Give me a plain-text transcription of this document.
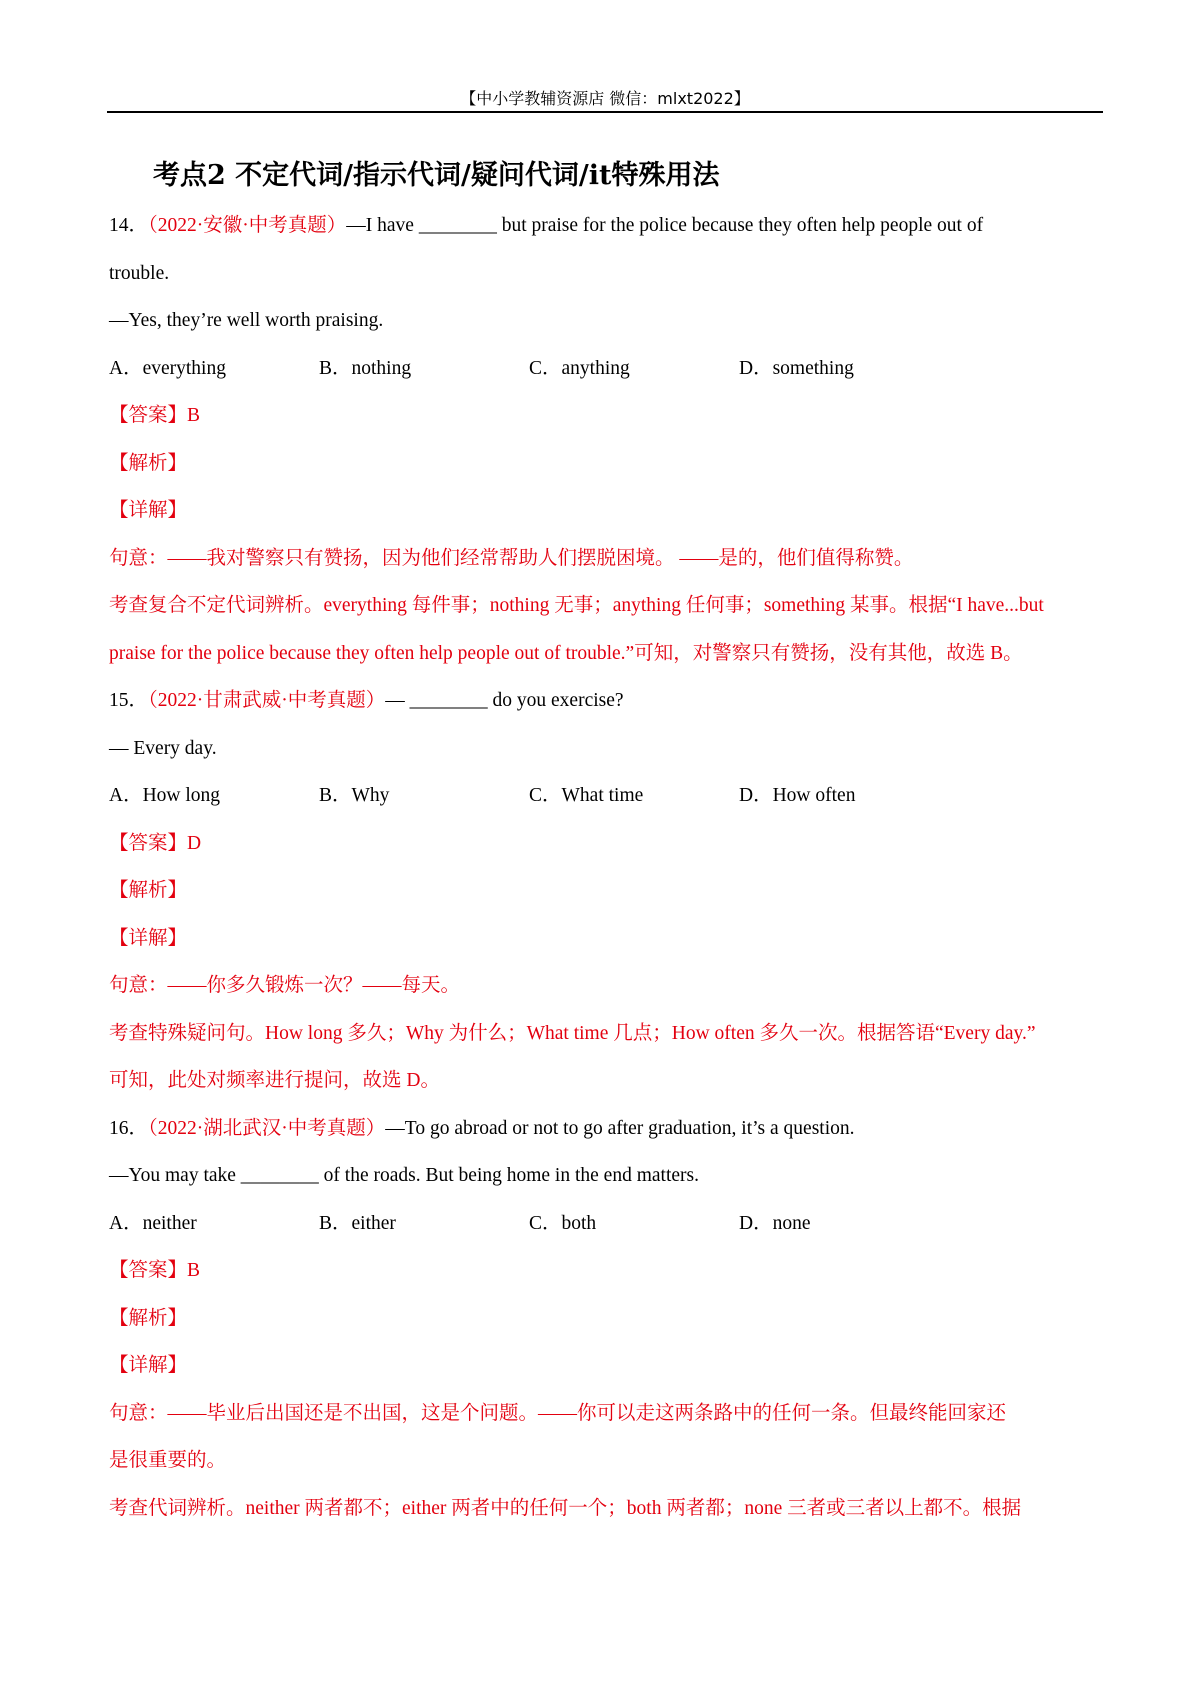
【中小学教辅资源店 微信：mlxt2022】
考点2 不定代词/指示代词/疑问代词/it特殊用法
14．（2022·安徽·中考真题）—I have ________ but praise for the police because they often help people out of
trouble.
—Yes, they’re well worth praising.
A．everything	B．nothing	C．anything	D．something
【答案】B
【解析】
【详解】
句意：——我对警察只有赞扬，因为他们经常帮助人们摆脱困境。 ——是的，他们值得称赞。
考查复合不定代词辨析。everything 每件事；nothing 无事；anything 任何事；something 某事。根据“I have...but
praise for the police because they often help people out of trouble.”可知，对警察只有赞扬，没有其他，故选 B。
15．（2022·甘肃武威·中考真题）— ________ do you exercise?
— Every day.
A．How long	B．Why	C．What time	D．How often
【答案】D
【解析】
【详解】
句意：——你多久锻炼一次？——每天。
考查特殊疑问句。How long 多久；Why 为什么；What time 几点；How often 多久一次。根据答语“Every day.”
可知，此处对频率进行提问，故选 D。
16．（2022·湖北武汉·中考真题）—To go abroad or not to go after graduation, it’s a question.
—You may take ________ of the roads. But being home in the end matters.
A．neither	B．either	C．both	D．none
【答案】B
【解析】
【详解】
句意：——毕业后出国还是不出国，这是个问题。——你可以走这两条路中的任何一条。但最终能回家还
是很重要的。
考查代词辨析。neither 两者都不；either 两者中的任何一个；both 两者都；none 三者或三者以上都不。根据
